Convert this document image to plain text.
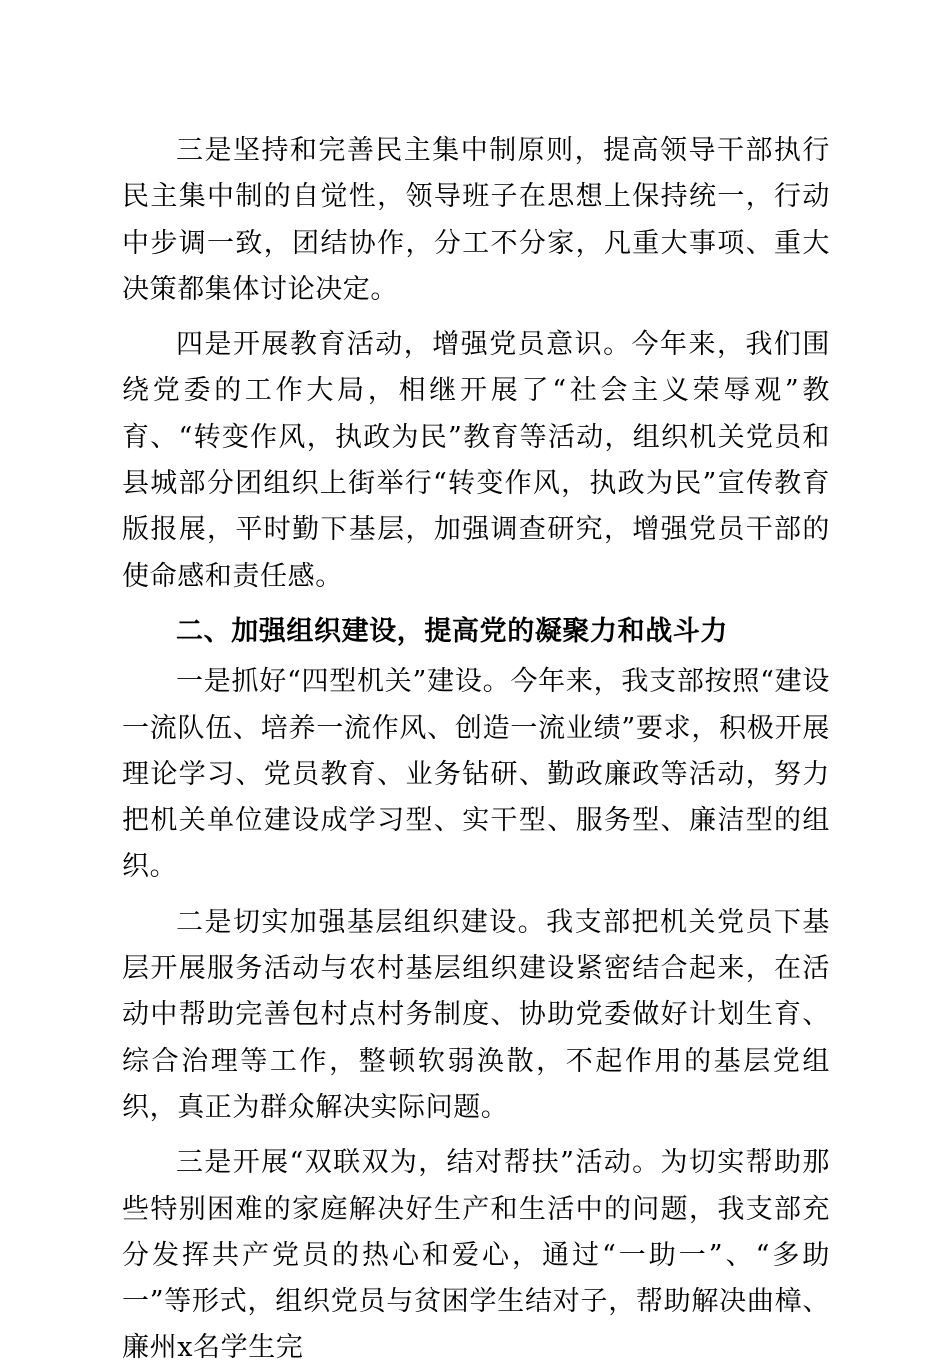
三是坚持和完善民主集中制原则，提高领导干部执行民主集中制的自觉性，领导班子在思想上保持统一，行动中步调一致，团结协作，分工不分家，凡重大事项、重大决策都集体讨论决定。

四是开展教育活动，增强党员意识。今年来，我们围绕党委的工作大局，相继开展了“社会主义荣辱观”教育、“转变作风，执政为民”教育等活动，组织机关党员和县城部分团组织上街举行“转变作风，执政为民”宣传教育版报展，平时勤下基层，加强调查研究，增强党员干部的使命感和责任感。

二、加强组织建设，提高党的凝聚力和战斗力

一是抓好“四型机关”建设。今年来，我支部按照“建设一流队伍、培养一流作风、创造一流业绩”要求，积极开展理论学习、党员教育、业务钻研、勤政廉政等活动，努力把机关单位建设成学习型、实干型、服务型、廉洁型的组织。

二是切实加强基层组织建设。我支部把机关党员下基层开展服务活动与农村基层组织建设紧密结合起来，在活动中帮助完善包村点村务制度、协助党委做好计划生育、综合治理等工作，整顿软弱涣散，不起作用的基层党组织，真正为群众解决实际问题。

三是开展“双联双为，结对帮扶”活动。为切实帮助那些特别困难的家庭解决好生产和生活中的问题，我支部充分发挥共产党员的热心和爱心，通过“一助一”、“多助一”等形式，组织党员与贫困学生结对子，帮助解决曲樟、廉州x名学生完
